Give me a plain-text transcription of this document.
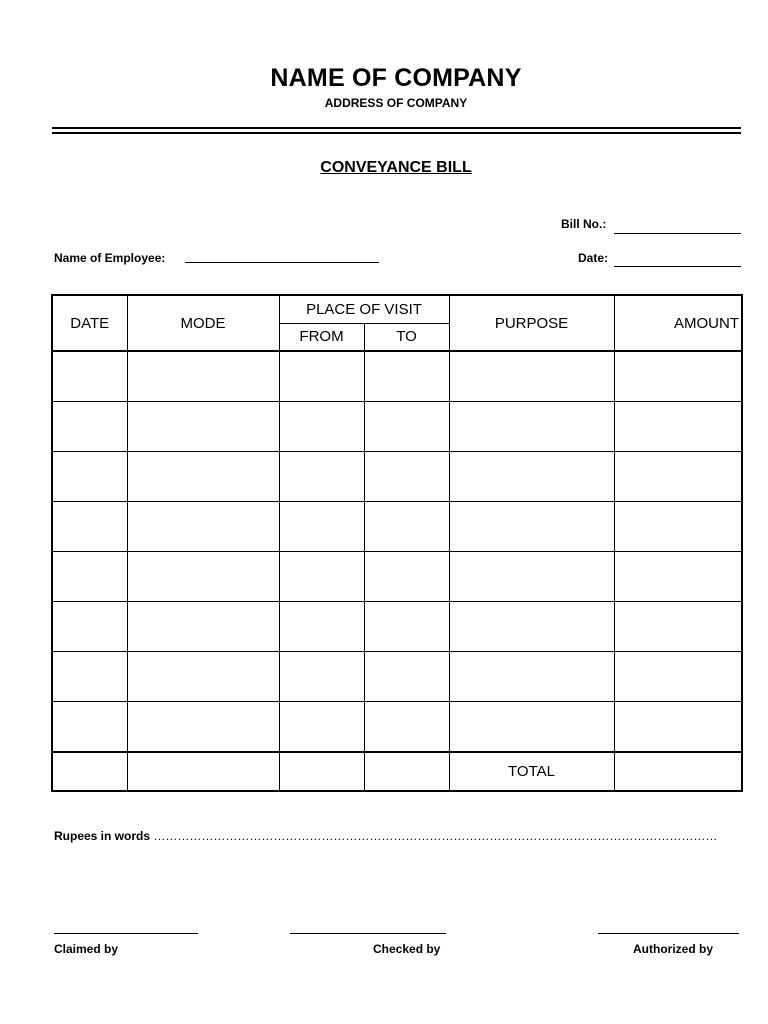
NAME OF COMPANY
ADDRESS OF COMPANY
CONVEYANCE BILL
Bill No.:
Name of Employee:	Date:
DATE	MODE	PLACE OF VISIT		PURPOSE	AMOUNT
		FROM	TO		

				TOTAL	
Rupees in words ……………………………………………………………………………………………………………………………
Claimed by	Checked by	Authorized by
